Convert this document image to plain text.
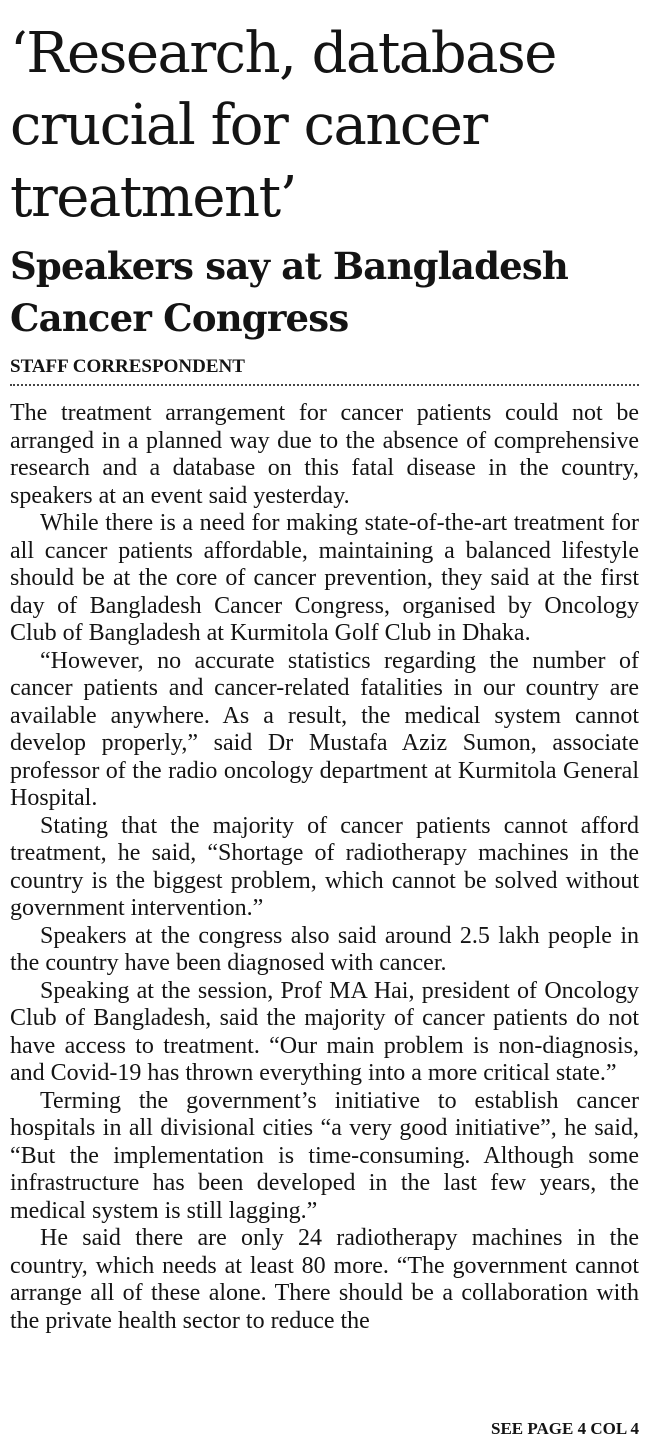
‘Research, database crucial for cancer treatment’
Speakers say at Bangladesh Cancer Congress
STAFF CORRESPONDENT

The treatment arrangement for cancer patients could not be arranged in a planned way due to the absence of comprehensive research and a database on this fatal disease in the country, speakers at an event said yesterday.

While there is a need for making state-of-the-art treatment for all cancer patients affordable, maintaining a balanced lifestyle should be at the core of cancer prevention, they said at the first day of Bangladesh Cancer Congress, organised by Oncology Club of Bangladesh at Kurmitola Golf Club in Dhaka.

“However, no accurate statistics regarding the number of cancer patients and cancer-related fatalities in our country are available anywhere. As a result, the medical system cannot develop properly,” said Dr Mustafa Aziz Sumon, associate professor of the radio oncology department at Kurmitola General Hospital.

Stating that the majority of cancer patients cannot afford treatment, he said, “Shortage of radiotherapy machines in the country is the biggest problem, which cannot be solved without government intervention.”

Speakers at the congress also said around 2.5 lakh people in the country have been diagnosed with cancer.

Speaking at the session, Prof MA Hai, president of Oncology Club of Bangladesh, said the majority of cancer patients do not have access to treatment. “Our main problem is non-diagnosis, and Covid-19 has thrown everything into a more critical state.”

Terming the government’s initiative to establish cancer hospitals in all divisional cities “a very good initiative”, he said, “But the implementation is time-consuming. Although some infrastructure has been developed in the last few years, the medical system is still lagging.”

He said there are only 24 radiotherapy machines in the country, which needs at least 80 more. “The government cannot arrange all of these alone. There should be a collaboration with the private health sector to reduce the

SEE PAGE 4 COL 4
